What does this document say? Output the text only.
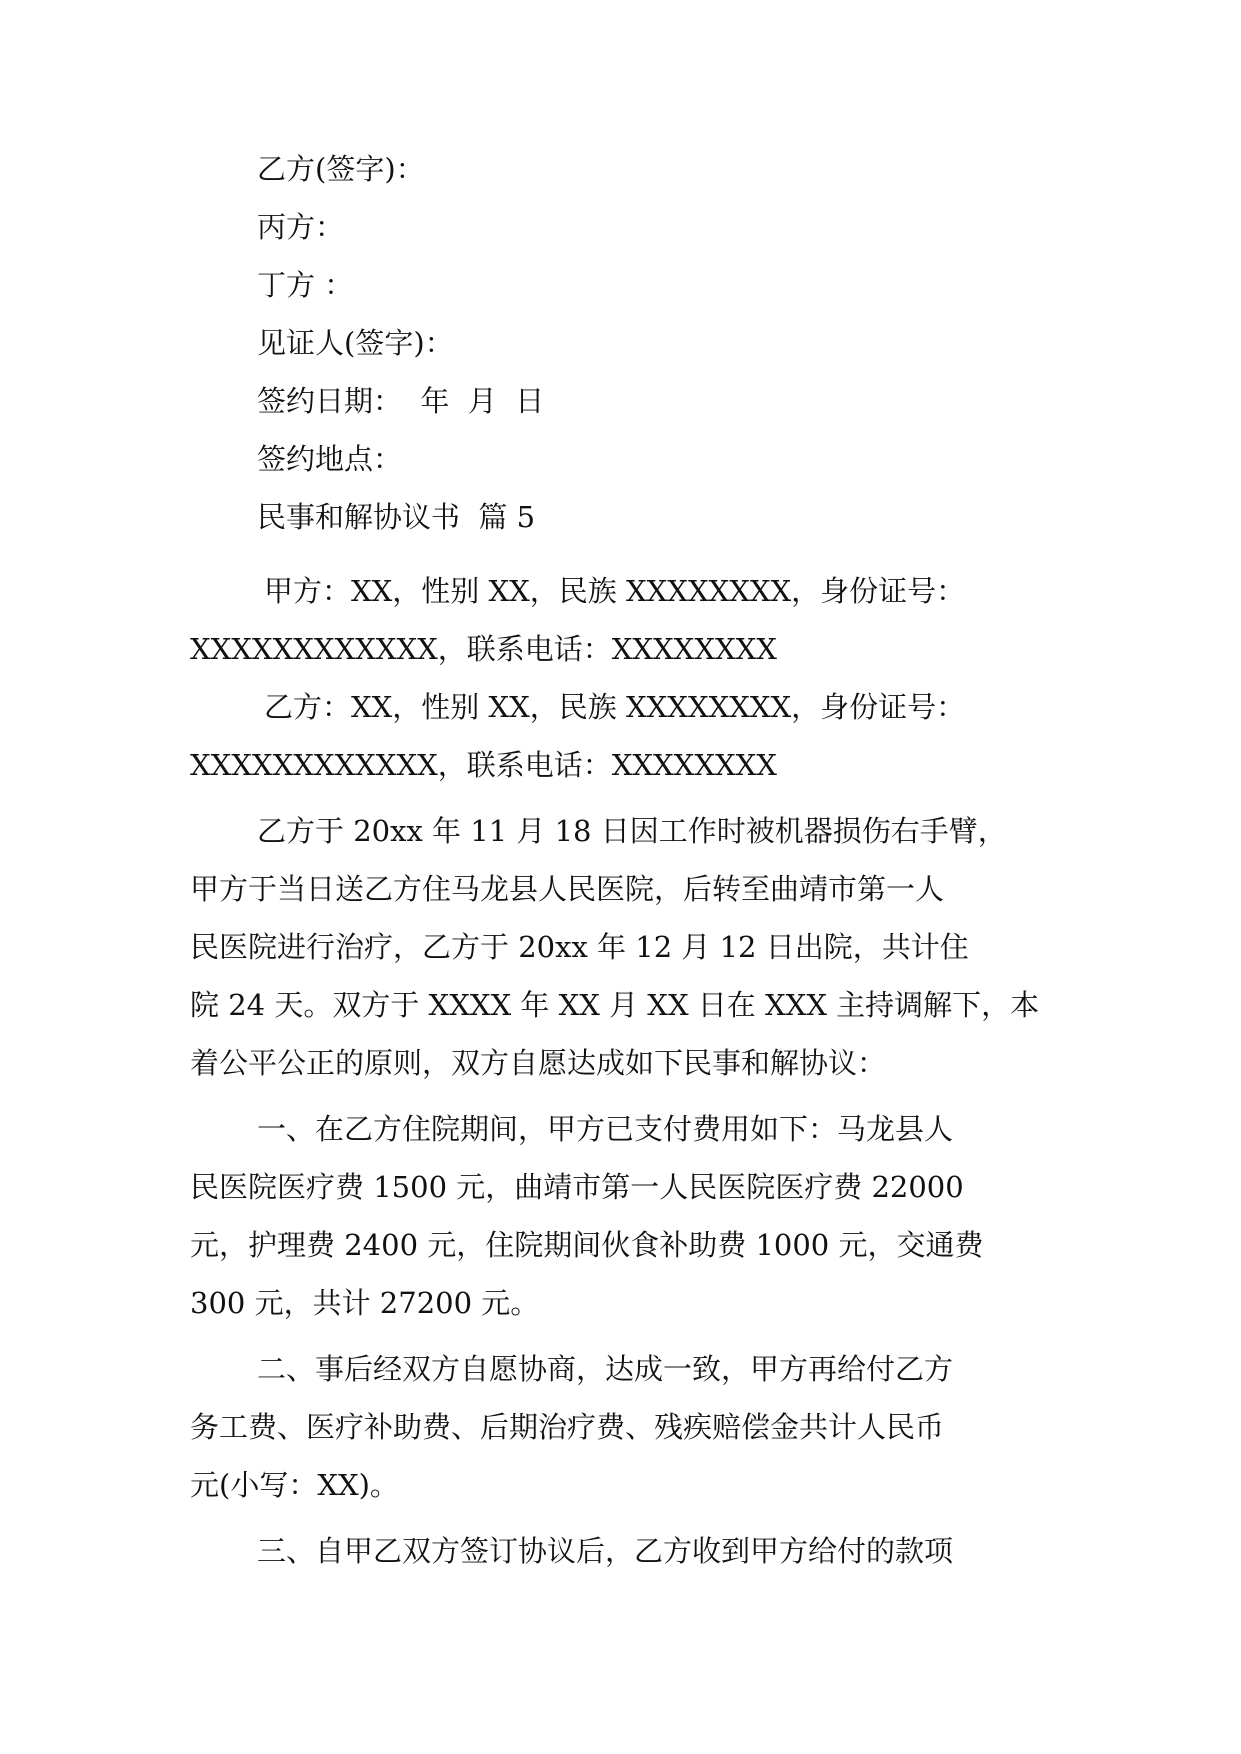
乙方(签字)：
丙方：
丁方 ：
见证人(签字)：
签约日期：  年  月  日
签约地点：
民事和解协议书  篇 5
甲方：XX，性别 XX，民族 XXXXXXXX，身份证号：
XXXXXXXXXXXX，联系电话：XXXXXXXX
乙方：XX，性别 XX，民族 XXXXXXXX，身份证号：
XXXXXXXXXXXX，联系电话：XXXXXXXX
乙方于 20xx 年 11 月 18 日因工作时被机器损伤右手臂，
甲方于当日送乙方住马龙县人民医院，后转至曲靖市第一人
民医院进行治疗，乙方于 20xx 年 12 月 12 日出院，共计住
院 24 天。双方于 XXXX 年 XX 月 XX 日在 XXX 主持调解下，本
着公平公正的原则，双方自愿达成如下民事和解协议：
一、在乙方住院期间，甲方已支付费用如下：马龙县人
民医院医疗费 1500 元，曲靖市第一人民医院医疗费 22000
元，护理费 2400 元，住院期间伙食补助费 1000 元，交通费
300 元，共计 27200 元。
二、事后经双方自愿协商，达成一致，甲方再给付乙方
务工费、医疗补助费、后期治疗费、残疾赔偿金共计人民币
元(小写：XX)。
三、自甲乙双方签订协议后，乙方收到甲方给付的款项
